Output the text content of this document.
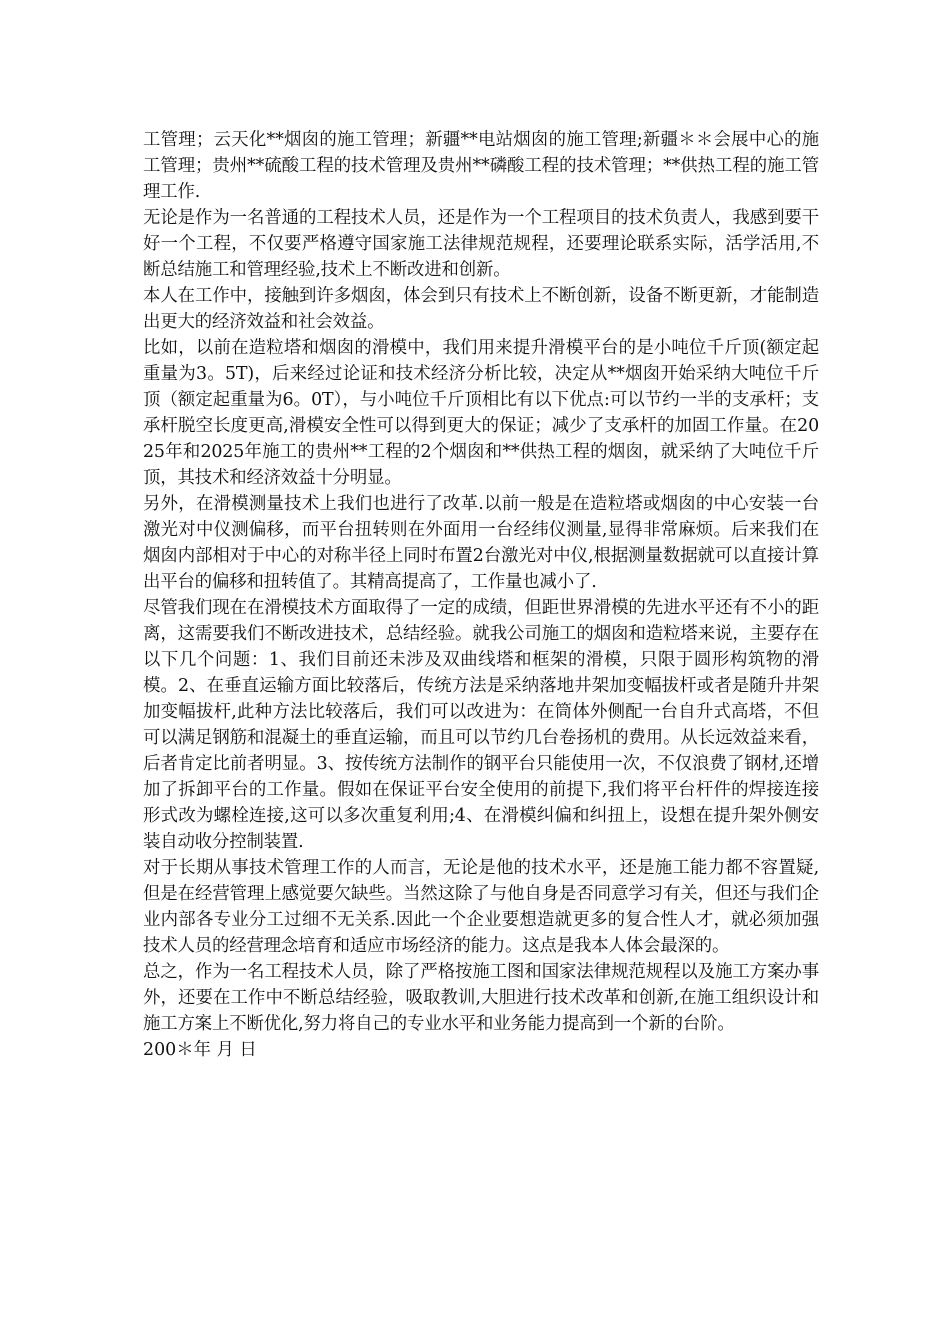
工管理；云天化**烟囱的施工管理；新疆**电站烟囱的施工管理;新疆＊＊会展中心的施工管理；贵州**硫酸工程的技术管理及贵州**磷酸工程的技术管理；**供热工程的施工管理工作.

无论是作为一名普通的工程技术人员，还是作为一个工程项目的技术负责人，我感到要干好一个工程，不仅要严格遵守国家施工法律规范规程，还要理论联系实际，活学活用,不断总结施工和管理经验,技术上不断改进和创新。

本人在工作中，接触到许多烟囱，体会到只有技术上不断创新，设备不断更新，才能制造出更大的经济效益和社会效益。

比如，以前在造粒塔和烟囱的滑模中，我们用来提升滑模平台的是小吨位千斤顶(额定起重量为3。5T)，后来经过论证和技术经济分析比较，决定从**烟囱开始采纳大吨位千斤顶（额定起重量为6。0T），与小吨位千斤顶相比有以下优点:可以节约一半的支承杆；支承杆脱空长度更高,滑模安全性可以得到更大的保证；减少了支承杆的加固工作量。在2025年和2025年施工的贵州**工程的2个烟囱和**供热工程的烟囱，就采纳了大吨位千斤顶，其技术和经济效益十分明显。

另外，在滑模测量技术上我们也进行了改革.以前一般是在造粒塔或烟囱的中心安装一台激光对中仪测偏移，而平台扭转则在外面用一台经纬仪测量,显得非常麻烦。后来我们在烟囱内部相对于中心的对称半径上同时布置2台激光对中仪,根据测量数据就可以直接计算出平台的偏移和扭转值了。其精高提高了，工作量也减小了.

尽管我们现在在滑模技术方面取得了一定的成绩，但距世界滑模的先进水平还有不小的距离，这需要我们不断改进技术，总结经验。就我公司施工的烟囱和造粒塔来说，主要存在以下几个问题：1、我们目前还未涉及双曲线塔和框架的滑模，只限于圆形构筑物的滑模。2、在垂直运输方面比较落后，传统方法是采纳落地井架加变幅拔杆或者是随升井架加变幅拔杆,此种方法比较落后，我们可以改进为：在筒体外侧配一台自升式高塔，不但可以满足钢筋和混凝土的垂直运输，而且可以节约几台卷扬机的费用。从长远效益来看，后者肯定比前者明显。3、按传统方法制作的钢平台只能使用一次，不仅浪费了钢材,还增加了拆卸平台的工作量。假如在保证平台安全使用的前提下,我们将平台杆件的焊接连接形式改为螺栓连接,这可以多次重复利用;4、在滑模纠偏和纠扭上，设想在提升架外侧安装自动收分控制装置.

对于长期从事技术管理工作的人而言，无论是他的技术水平，还是施工能力都不容置疑,但是在经营管理上感觉要欠缺些。当然这除了与他自身是否同意学习有关，但还与我们企业内部各专业分工过细不无关系.因此一个企业要想造就更多的复合性人才，就必须加强技术人员的经营理念培育和适应市场经济的能力。这点是我本人体会最深的。

总之，作为一名工程技术人员，除了严格按施工图和国家法律规范规程以及施工方案办事外，还要在工作中不断总结经验，吸取教训,大胆进行技术改革和创新,在施工组织设计和施工方案上不断优化,努力将自己的专业水平和业务能力提高到一个新的台阶。

200＊年 月 日
